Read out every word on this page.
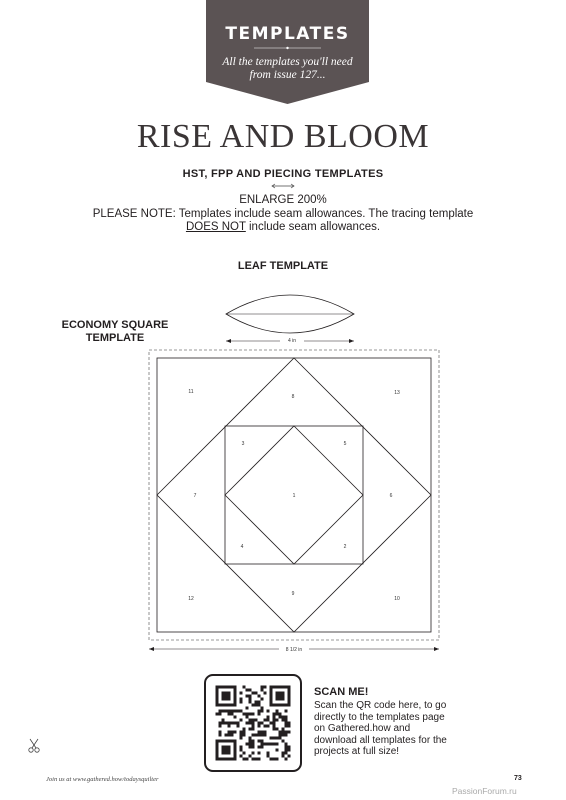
TEMPLATES
All the templates you'll need from issue 127...
RISE AND BLOOM
HST, FPP AND PIECING TEMPLATES
ENLARGE 200%
PLEASE NOTE: Templates include seam allowances. The tracing template
DOES NOT include seam allowances.
LEAF TEMPLATE
4 in
ECONOMY SQUARE TEMPLATE
8 1/2 in
1
2
3
4
5
6
7
8
9
10
11
12
13
SCAN ME!
Scan the QR code here, to go directly to the templates page on Gathered.how and download all templates for the projects at full size!
Join us at www.gathered.how/todaysquilter	73
PassionForum.ru
